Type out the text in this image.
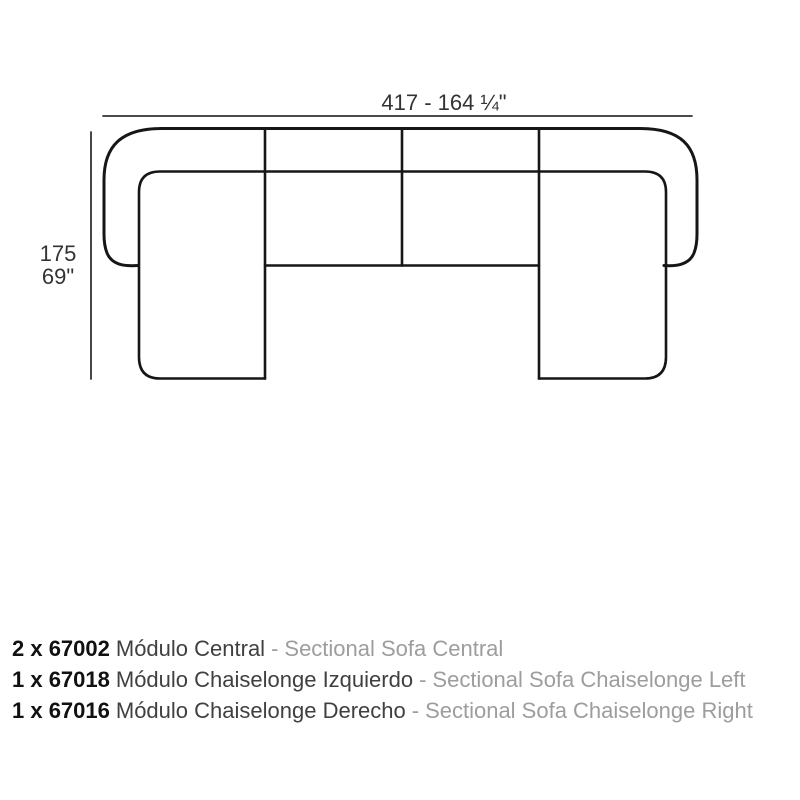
417 - 164 ¼"
175
69"
2 x 67002 Módulo Central - Sectional Sofa Central
1 x 67018 Módulo Chaiselonge Izquierdo - Sectional Sofa Chaiselonge Left
1 x 67016 Módulo Chaiselonge Derecho - Sectional Sofa Chaiselonge Right
